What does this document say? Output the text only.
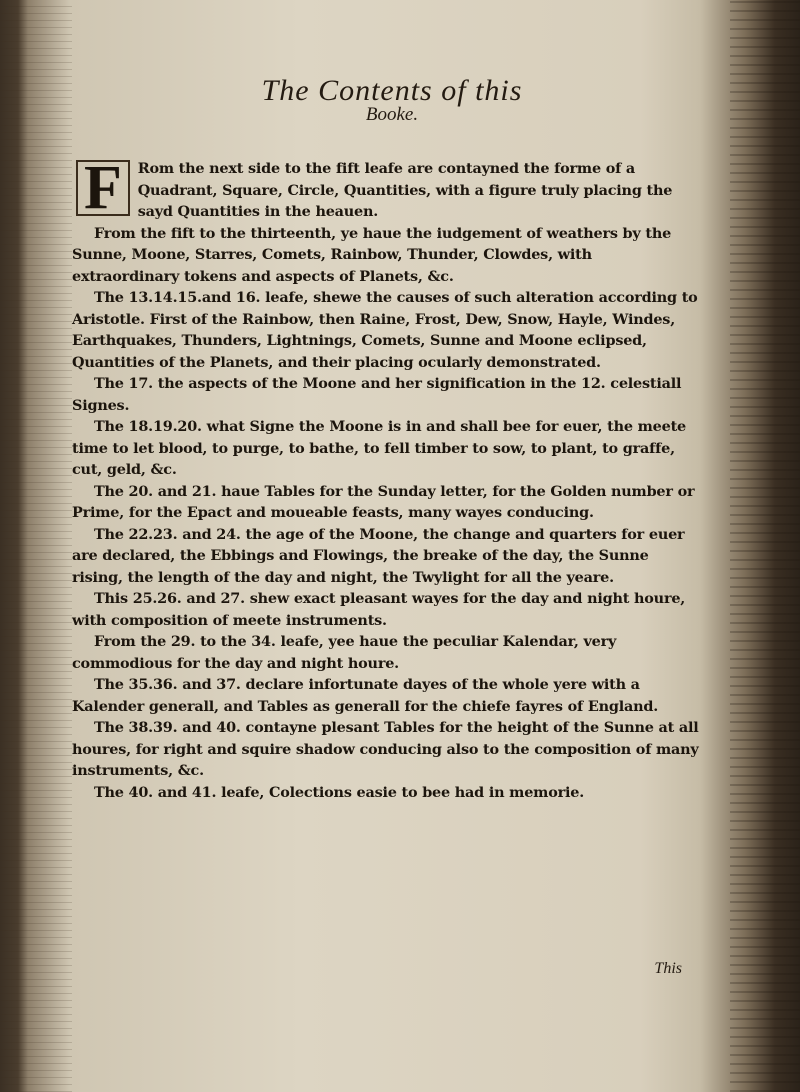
The Contents of this
Booke.

F	Rom the next side to the fift leafe are contayned the forme of a Quadrant, Square, Circle, Quantities, with a figure truly placing the sayd Quantities in the heauen.

From the fift to the thirteenth, ye haue the iudgement of weathers by the Sunne, Moone, Starres, Comets, Rainbow, Thunder, Clowdes, with extraordinary tokens and aspects of Planets, &c.

The 13.14.15.and 16. leafe, shewe the causes of such alteration according to Aristotle. First of the Rainbow, then Raine, Frost, Dew, Snow, Hayle, Windes, Earthquakes, Thunders, Lightnings, Comets, Sunne and Moone eclipsed, Quantities of the Planets, and their placing ocularly demonstrated.

The 17. the aspects of the Moone and her signification in the 12. celestiall Signes.

The 18.19.20. what Signe the Moone is in and shall bee for euer, the meete time to let blood, to purge, to bathe, to fell timber to sow, to plant, to graffe, cut, geld, &c.

The 20. and 21. haue Tables for the Sunday letter, for the Golden number or Prime, for the Epact and moueable feasts, many wayes conducing.

The 22.23. and 24. the age of the Moone, the change and quarters for euer are declared, the Ebbings and Flowings, the breake of the day, the Sunne rising, the length of the day and night, the Twylight for all the yeare.

This 25.26. and 27. shew exact pleasant wayes for the day and night houre, with composition of meete instruments.

From the 29. to the 34. leafe, yee haue the peculiar Kalendar, very commodious for the day and night houre.

The 35.36. and 37. declare infortunate dayes of the whole yere with a Kalender generall, and Tables as generall for the chiefe fayres of England.

The 38.39. and 40. contayne plesant Tables for the height of the Sunne at all houres, for right and squire shadow conducing also to the composition of many instruments, &c.

The 40. and 41. leafe, Colections easie to bee had in memorie.

This
